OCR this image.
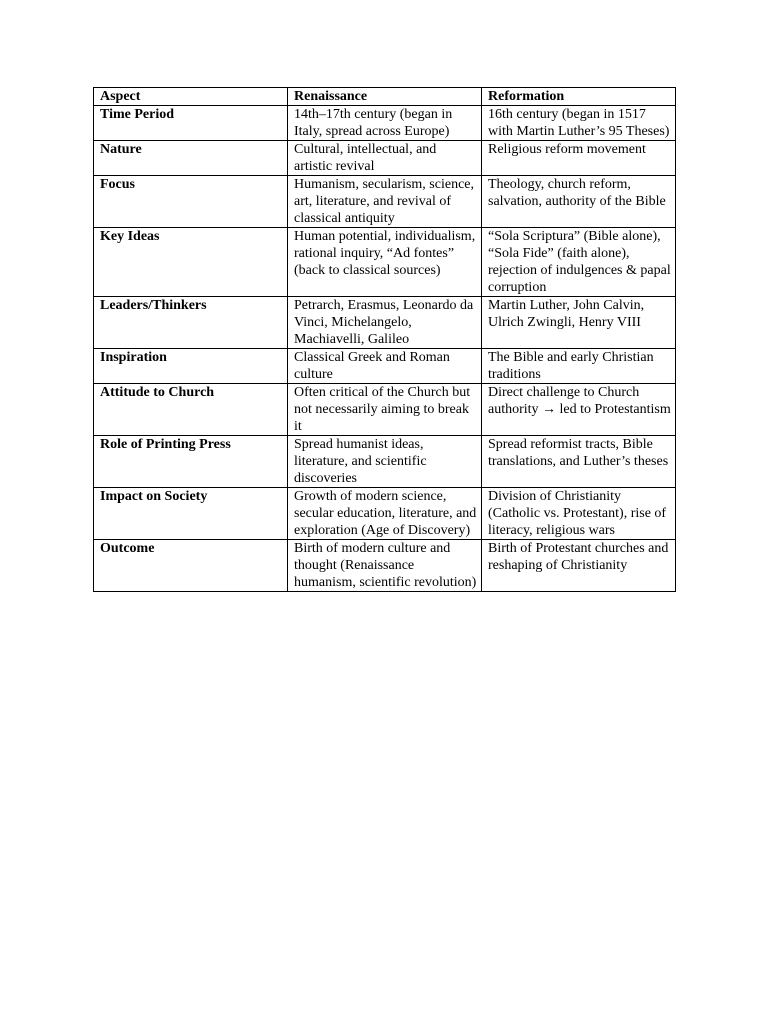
Aspect	Renaissance	Reformation
Time Period	14th–17th century (began in Italy, spread across Europe)	16th century (began in 1517 with Martin Luther’s 95 Theses)
Nature	Cultural, intellectual, and artistic revival	Religious reform movement
Focus	Humanism, secularism, science, art, literature, and revival of classical antiquity	Theology, church reform, salvation, authority of the Bible
Key Ideas	Human potential, individualism, rational inquiry, “Ad fontes” (back to classical sources)	“Sola Scriptura” (Bible alone), “Sola Fide” (faith alone), rejection of indulgences & papal corruption
Leaders/Thinkers	Petrarch, Erasmus, Leonardo da Vinci, Michelangelo, Machiavelli, Galileo	Martin Luther, John Calvin, Ulrich Zwingli, Henry VIII
Inspiration	Classical Greek and Roman culture	The Bible and early Christian traditions
Attitude to Church	Often critical of the Church but not necessarily aiming to break it	Direct challenge to Church authority → led to Protestantism
Role of Printing Press	Spread humanist ideas, literature, and scientific discoveries	Spread reformist tracts, Bible translations, and Luther’s theses
Impact on Society	Growth of modern science, secular education, literature, and exploration (Age of Discovery)	Division of Christianity (Catholic vs. Protestant), rise of literacy, religious wars
Outcome	Birth of modern culture and thought (Renaissance humanism, scientific revolution)	Birth of Protestant churches and reshaping of Christianity
